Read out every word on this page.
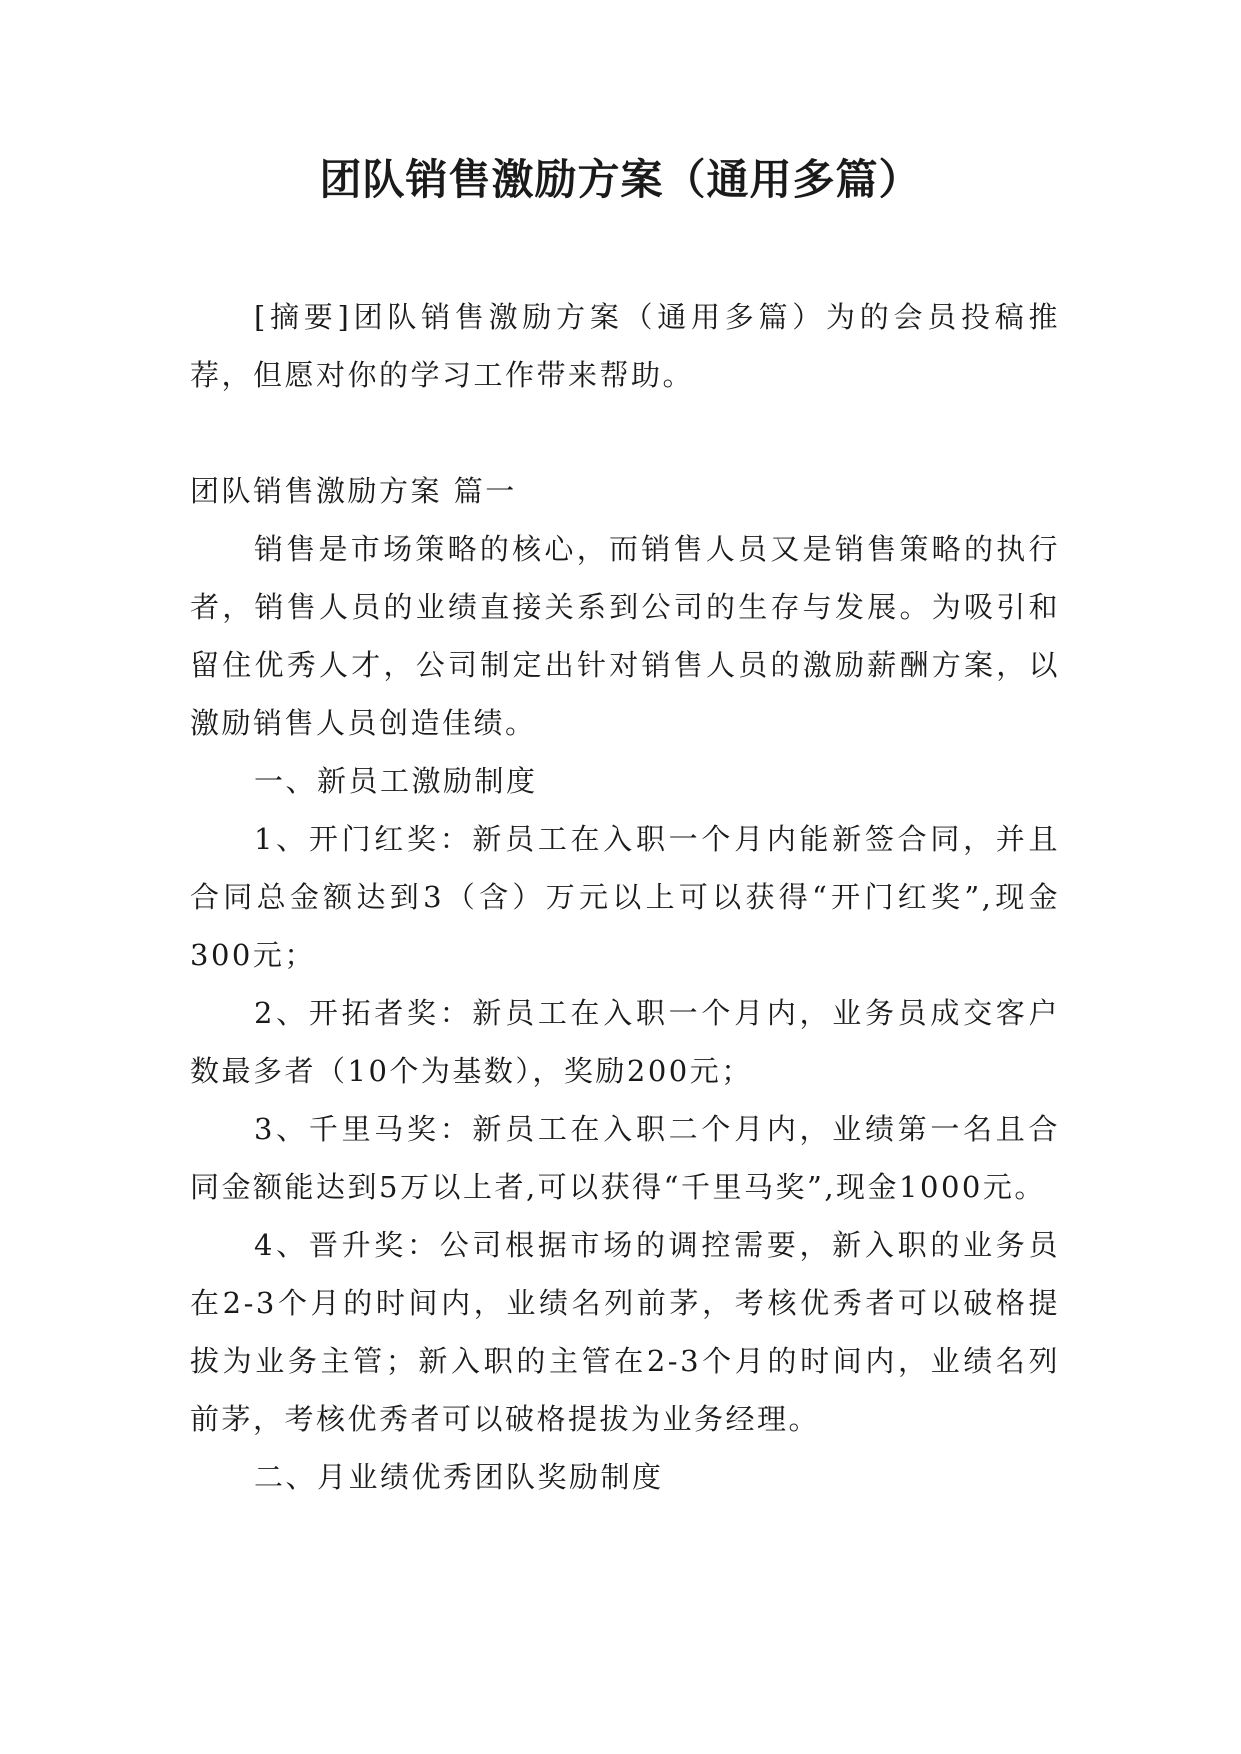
团队销售激励方案（通用多篇）

[摘要]团队销售激励方案（通用多篇）为的会员投稿推荐，但愿对你的学习工作带来帮助。

团队销售激励方案 篇一

销售是市场策略的核心，而销售人员又是销售策略的执行者，销售人员的业绩直接关系到公司的生存与发展。为吸引和留住优秀人才，公司制定出针对销售人员的激励薪酬方案，以激励销售人员创造佳绩。

一、新员工激励制度

1、开门红奖：新员工在入职一个月内能新签合同，并且合同总金额达到3（含）万元以上可以获得“开门红奖”,现金300元；

2、开拓者奖：新员工在入职一个月内，业务员成交客户数最多者（10个为基数），奖励200元；

3、千里马奖：新员工在入职二个月内，业绩第一名且合同金额能达到5万以上者,可以获得“千里马奖”,现金1000元。

4、晋升奖：公司根据市场的调控需要，新入职的业务员在2-3个月的时间内，业绩名列前茅，考核优秀者可以破格提拔为业务主管；新入职的主管在2-3个月的时间内，业绩名列前茅，考核优秀者可以破格提拔为业务经理。

二、月业绩优秀团队奖励制度
